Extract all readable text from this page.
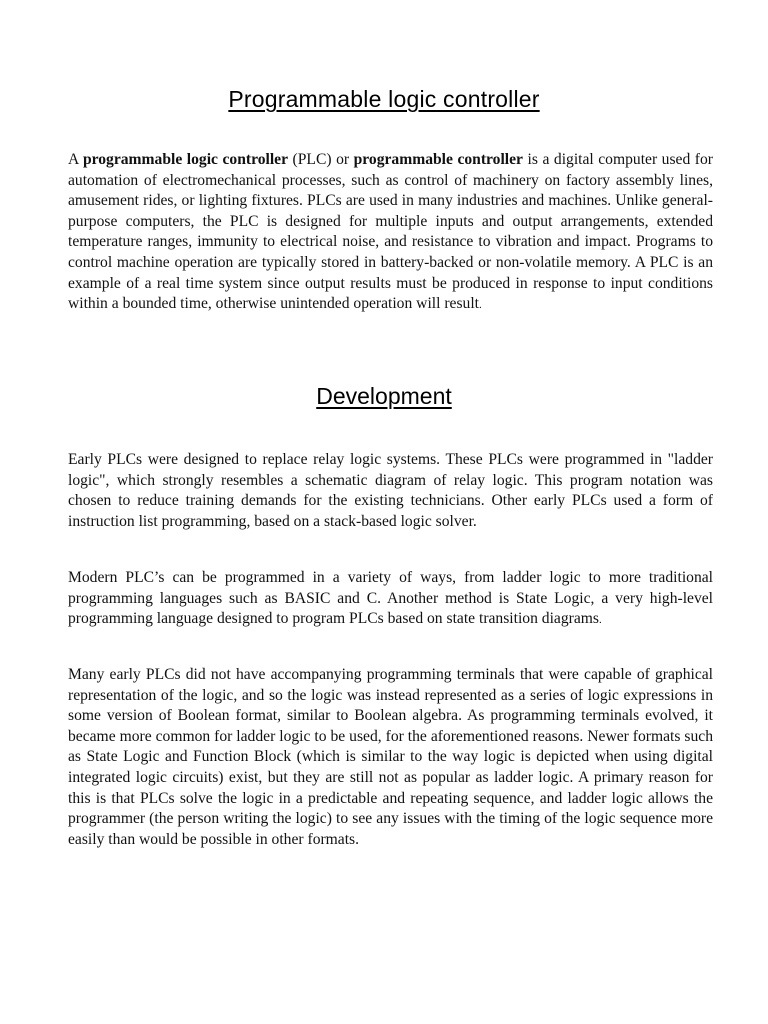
Programmable logic controller

A programmable logic controller (PLC) or programmable controller is a digital computer used for automation of electromechanical processes, such as control of machinery on factory assembly lines, amusement rides, or lighting fixtures. PLCs are used in many industries and machines. Unlike general-purpose computers, the PLC is designed for multiple inputs and output arrangements, extended temperature ranges, immunity to electrical noise, and resistance to vibration and impact. Programs to control machine operation are typically stored in battery-backed or non-volatile memory. A PLC is an example of a real time system since output results must be produced in response to input conditions within a bounded time, otherwise unintended operation will result.

Development

Early PLCs were designed to replace relay logic systems. These PLCs were programmed in "ladder logic", which strongly resembles a schematic diagram of relay logic. This program notation was chosen to reduce training demands for the existing technicians. Other early PLCs used a form of instruction list programming, based on a stack-based logic solver.

Modern PLC’s can be programmed in a variety of ways, from ladder logic to more traditional programming languages such as BASIC and C. Another method is State Logic, a very high-level programming language designed to program PLCs based on state transition diagrams.

Many early PLCs did not have accompanying programming terminals that were capable of graphical representation of the logic, and so the logic was instead represented as a series of logic expressions in some version of Boolean format, similar to Boolean algebra. As programming terminals evolved, it became more common for ladder logic to be used, for the aforementioned reasons. Newer formats such as State Logic and Function Block (which is similar to the way logic is depicted when using digital integrated logic circuits) exist, but they are still not as popular as ladder logic. A primary reason for this is that PLCs solve the logic in a predictable and repeating sequence, and ladder logic allows the programmer (the person writing the logic) to see any issues with the timing of the logic sequence more easily than would be possible in other formats.
